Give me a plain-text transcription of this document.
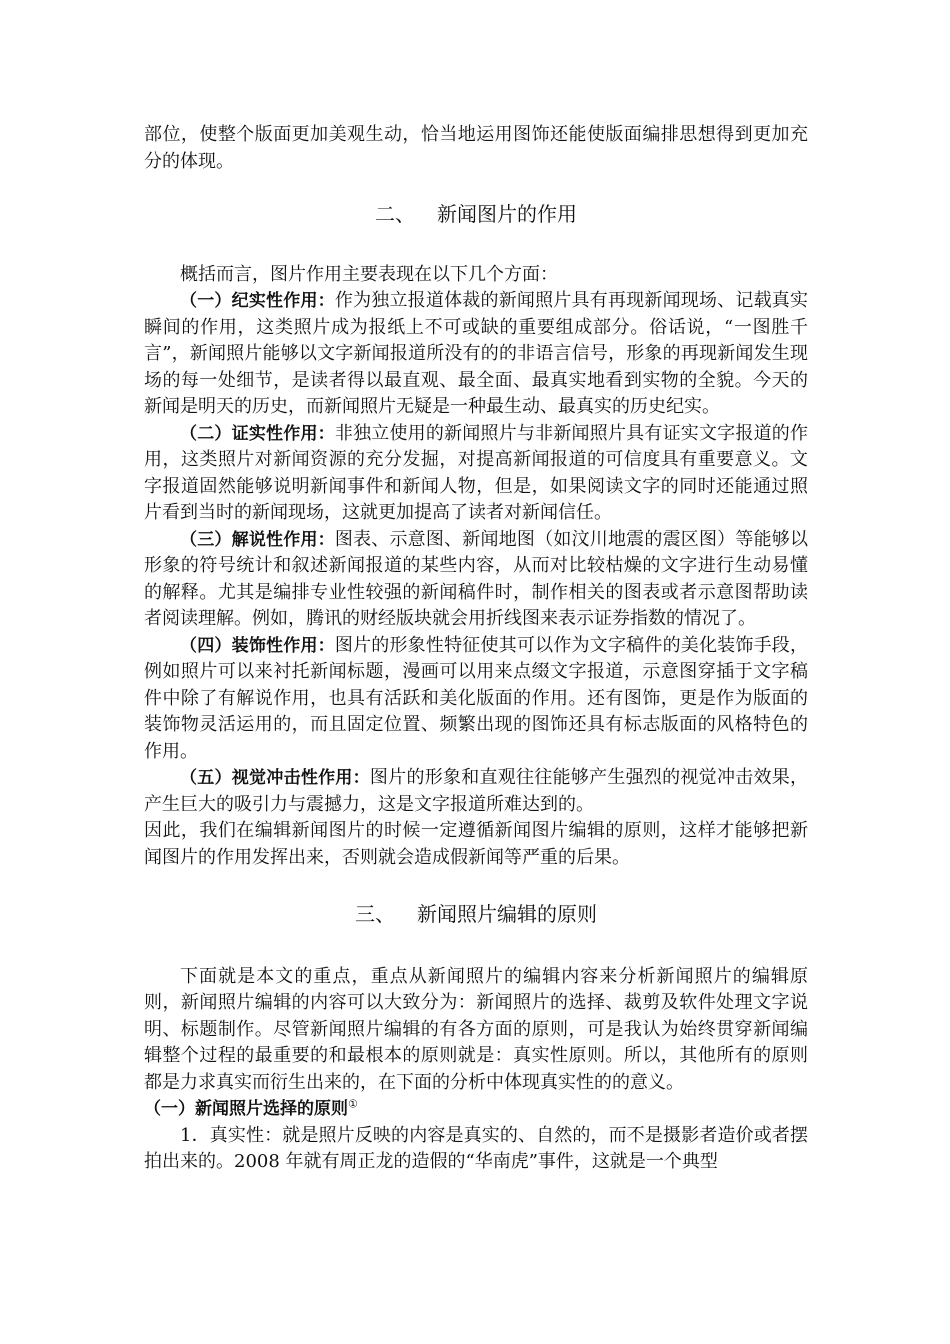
部位，使整个版面更加美观生动，恰当地运用图饰还能使版面编排思想得到更加充分的体现。

二、 新闻图片的作用

概括而言，图片作用主要表现在以下几个方面：

（一）纪实性作用：作为独立报道体裁的新闻照片具有再现新闻现场、记载真实瞬间的作用，这类照片成为报纸上不可或缺的重要组成部分。俗话说，“一图胜千言”，新闻照片能够以文字新闻报道所没有的的非语言信号，形象的再现新闻发生现场的每一处细节，是读者得以最直观、最全面、最真实地看到实物的全貌。今天的新闻是明天的历史，而新闻照片无疑是一种最生动、最真实的历史纪实。

（二）证实性作用：非独立使用的新闻照片与非新闻照片具有证实文字报道的作用，这类照片对新闻资源的充分发掘，对提高新闻报道的可信度具有重要意义。文字报道固然能够说明新闻事件和新闻人物，但是，如果阅读文字的同时还能通过照片看到当时的新闻现场，这就更加提高了读者对新闻信任。

（三）解说性作用：图表、示意图、新闻地图（如汶川地震的震区图）等能够以形象的符号统计和叙述新闻报道的某些内容，从而对比较枯燥的文字进行生动易懂的解释。尤其是编排专业性较强的新闻稿件时，制作相关的图表或者示意图帮助读者阅读理解。例如，腾讯的财经版块就会用折线图来表示证券指数的情况了。

（四）装饰性作用：图片的形象性特征使其可以作为文字稿件的美化装饰手段，例如照片可以来衬托新闻标题，漫画可以用来点缀文字报道，示意图穿插于文字稿件中除了有解说作用，也具有活跃和美化版面的作用。还有图饰，更是作为版面的装饰物灵活运用的，而且固定位置、频繁出现的图饰还具有标志版面的风格特色的作用。

（五）视觉冲击性作用：图片的形象和直观往往能够产生强烈的视觉冲击效果，产生巨大的吸引力与震撼力，这是文字报道所难达到的。

因此，我们在编辑新闻图片的时候一定遵循新闻图片编辑的原则，这样才能够把新闻图片的作用发挥出来，否则就会造成假新闻等严重的后果。

三、 新闻照片编辑的原则

下面就是本文的重点，重点从新闻照片的编辑内容来分析新闻照片的编辑原则，新闻照片编辑的内容可以大致分为：新闻照片的选择、裁剪及软件处理文字说明、标题制作。尽管新闻照片编辑的有各方面的原则，可是我认为始终贯穿新闻编辑整个过程的最重要的和最根本的原则就是：真实性原则。所以，其他所有的原则都是力求真实而衍生出来的，在下面的分析中体现真实性的的意义。

（一）新闻照片选择的原则①

1．真实性：就是照片反映的内容是真实的、自然的，而不是摄影者造价或者摆拍出来的。2008 年就有周正龙的造假的“华南虎”事件，这就是一个典型
